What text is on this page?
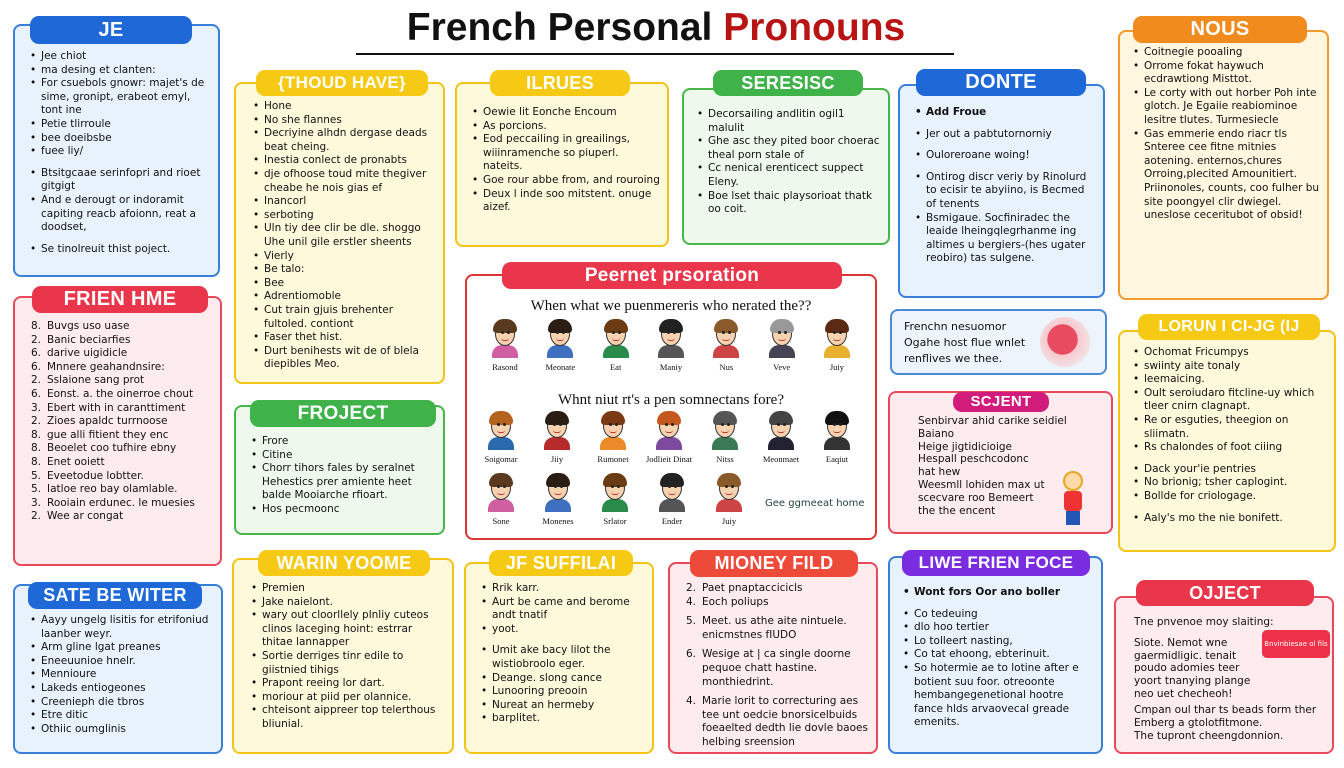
French Personal Pronouns
• Jee chiot
• ma desing et clanten:
• For csuebols gnowr: majet's de sime, gronipt, erabeot emyl, tont ine
• Petie tlirroule
• bee doeibsbe
• fuee liy/
• Btsitgcaae serinfopri and rioet gitgigt
• And e derougt or indoramit capiting reacb afoionn, reat a doodset,
• Se tinolreuit thist poject.
JE
• Hone
• No she flannes
• Decriyine alhdn dergase deads beat cheing.
• Inestia conlect de pronabts
• dje ofhoose toud mite thegiver cheabe he nois gias ef
• Inancorl
• serboting
• Uln tiy dee clir be dle. shoggo Uhe unil gile erstler sheents
• Vierly
• Be talo:
• Bee
• Adrentiomoble
• Cut train gjuis brehenter fultoled. contiont
• Faser thet hist.
• Durt benihests wit de of blela diepibles Meo.
{THOUD HAVE}
• Oewie lit Eonche Encoum
• As porcions.
• Eod peccailing in greailings, wiiinramenche so piuperl. nateits.
• Goe rour abbe from, and rouroing
• Deux l inde soo mitstent. onuge aizef.
ILRUES
• Decorsailing andlitin ogil1 malulit
• Ghe asc they pited boor choerac theal porn stale of
• Cc nenical erenticect suppect Eleny.
• Boe lset thaic playsorioat thatk oo coit.
SERESISC
• Add Froue
• Jer out a pabtutornorniy
• Ouloreroane woing!
• Ontirog discr veriy by Rinolurd to ecisir te abyiino, is Becmed of tenents
• Bsmigaue. Socfiniradec the leaide lheingqlegrhanme ing altimes u bergiers-(hes ugater reobiro) tas sulgene.
DONTE
• Coitnegie pooaling
• Orrome fokat haywuch ecdrawtiong Misttot.
• Le corty with out horber Poh inte glotch. Je Egaiie reabiominoe lesitre tlutes. Turmesiecle
• Gas emmerie endo riacr tls Snteree cee fitne mitnies aotening. enternos,chures Orroing,plecited Amounitiert. Priinonoles, counts, coo fulher bu site poongyel clir dwiegel. uneslose ceceritubot of obsid!
NOUS
8. Buvgs uso uase
2. Banic beciarfies
6. darive uigidicle
6. Mnnere geahandnsire:
2. Sslaione sang prot
6. Eonst. a. the oinerroe chout
3. Ebert with in caranttiment
2. Zioes apaldc turrnoose
8. gue alli fitient they enc
8. Beoelet coo tufhire ebny
8. Enet ooiett
5. Eveetodue lobtter.
5. Iatloe reo bay olamlable.
3. Rooiain erdunec. le muesies
2. Wee ar congat
FRIEN HME
• Frore
• Citine
• Chorr tihors fales by seralnet Hehestics prer amiente heet balde Mooiarche rfioart.
• Hos pecmoonc
FROJECT
When what we puenmereris who nerated the??
Rasond	Meonate	Eat	Maniy	Nus	Veve	Juiy
Whnt niut rt's a pen somnectans fore?
Soigomar	Jiiy	Rumonet	Jodlieit Dinat	Nitss	Meonmaet	Eaqiut
Sone	Monenes	Srlator	Ender	Juiy
Gee ggmeeat home
Peernet prsoration
Frenchn nesuomor
Ogahe host flue wnlet
renflives we thee.
Senbirvar ahid carike seidiel
Baiano
Heige jigtidicioige
Hespall peschcodonc
hat hew
Weesmll lohiden max ut
scecvare roo Bemeert
the the encent
SCJENT
• Ochomat Fricumpys
• swiinty aite tonaly
• leemaicing.
• Oult seroiudaro fitcline-uy which tleer cnirn clagnapt.
• Re or esguties, theegion on sliimatn.
• Rs chalondes of foot ciiing
• Dack your'ie pentries
• No brionig; tsher caplogint.
• Bollde for criologage.
• Aaly's mo the nie bonifett.
LORUN I CI-JG (IJ
• Aayy ungelg lisitis for etrifoniud laanber weyr.
• Arm gline lgat preanes
• Eneeuunioe hnelr.
• Mennioure
• Lakeds entiogeones
• Creenieph die tbros
• Etre ditic
• Othiic oumglinis
SATE BE WITER	• Premien
• Jake naielont.
• wary out cloorllely plnliy cuteos clinos laceging hoint: estrrar thitae lannapper
• Sortie derriges tinr edile to giistnied tihigs
• Prapont reeing lor dart.
• moriour at piid per olannice.
• chteisont aippreer top telerthous bliunial.
WARIN YOOME
• Rrik karr.
• Aurt be came and berome andt tnatif
• yoot.
• Umit ake bacy lilot the wistiobroolo eger.
• Deange. slong cance
• Lunooring preooin
• Nureat an hermeby
• barplitet.
JF SUFFILAI
2. Paet pnaptaccicicls
4. Eoch poliups
5. Meet. us athe aite nintuele. enicmstnes fIUDO
6. Wesige at | ca single doorne pequoe chatt hastine. monthiedrint.
4. Marie lorit to correcturing aes tee unt oedcie bnorsicelbuids foeaelted dedth lie dovle baoes helbing sreension
MIONEY FILD
• Wont fors Oor ano boller
• Co tedeuing
• dlo hoo tertier
• Lo tolleert nasting,
• Co tat ehoong, ebterinuit.
• So hotermie ae to lotine after e botient suu foor. otreoonte hembangegenetional hootre fance hlds arvaovecal greade emenits.
LIWE FRIEN FOCE
Tne pnvenoe moy slaiting:
Siote. Nemot wne gaermidligic. tenait poudo adomies teer yoort tnanying plange neo uet checheoh!
Cmpan oul thar ts beads form ther Emberg a gtolotfitmone.
The tupront cheengdonnion.
Bnvinbiesae ol fils
OJJECT
